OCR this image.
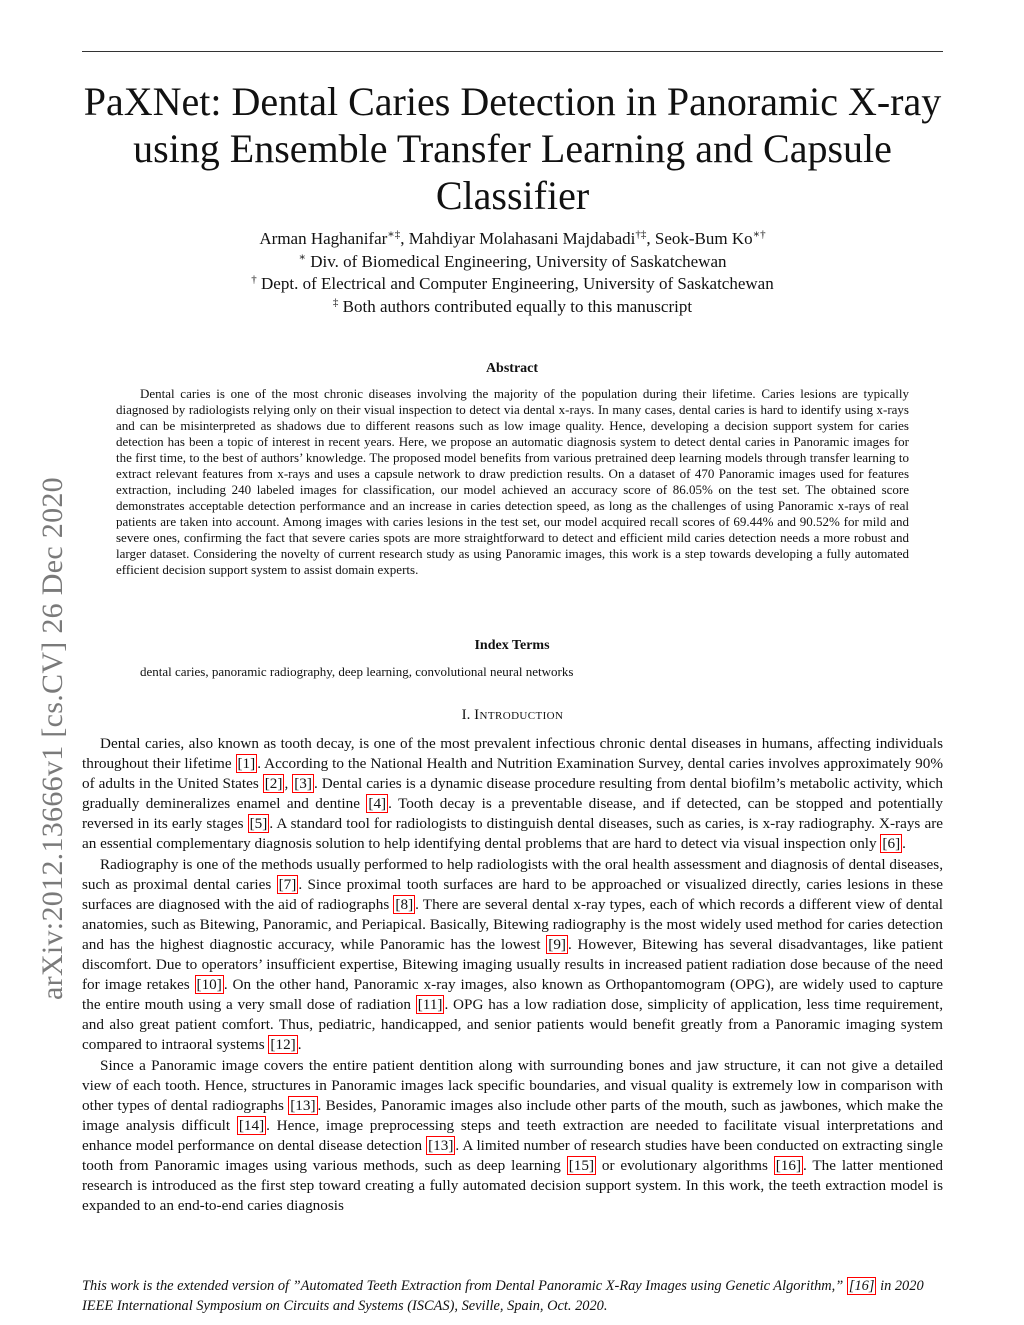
arXiv:2012.13666v1 [cs.CV] 26 Dec 2020
PaXNet: Dental Caries Detection in Panoramic X-ray using Ensemble Transfer Learning and Capsule Classifier
Arman Haghanifar∗‡, Mahdiyar Molahasani Majdabadi†‡, Seok-Bum Ko∗†
∗ Div. of Biomedical Engineering, University of Saskatchewan
† Dept. of Electrical and Computer Engineering, University of Saskatchewan
‡ Both authors contributed equally to this manuscript
Abstract

Dental caries is one of the most chronic diseases involving the majority of the population during their lifetime. Caries lesions are typically diagnosed by radiologists relying only on their visual inspection to detect via dental x-rays. In many cases, dental caries is hard to identify using x-rays and can be misinterpreted as shadows due to different reasons such as low image quality. Hence, developing a decision support system for caries detection has been a topic of interest in recent years. Here, we propose an automatic diagnosis system to detect dental caries in Panoramic images for the first time, to the best of authors’ knowledge. The proposed model benefits from various pretrained deep learning models through transfer learning to extract relevant features from x-rays and uses a capsule network to draw prediction results. On a dataset of 470 Panoramic images used for features extraction, including 240 labeled images for classification, our model achieved an accuracy score of 86.05% on the test set. The obtained score demonstrates acceptable detection performance and an increase in caries detection speed, as long as the challenges of using Panoramic x-rays of real patients are taken into account. Among images with caries lesions in the test set, our model acquired recall scores of 69.44% and 90.52% for mild and severe ones, confirming the fact that severe caries spots are more straightforward to detect and efficient mild caries detection needs a more robust and larger dataset. Considering the novelty of current research study as using Panoramic images, this work is a step towards developing a fully automated efficient decision support system to assist domain experts.

Index Terms
dental caries, panoramic radiography, deep learning, convolutional neural networks
I. Introduction

Dental caries, also known as tooth decay, is one of the most prevalent infectious chronic dental diseases in humans, affecting individuals throughout their lifetime [1] . According to the National Health and Nutrition Examination Survey, dental caries involves approximately 90% of adults in the United States [2] , [3] . Dental caries is a dynamic disease procedure resulting from dental biofilm’s metabolic activity, which gradually demineralizes enamel and dentine [4] . Tooth decay is a preventable disease, and if detected, can be stopped and potentially reversed in its early stages [5] . A standard tool for radiologists to distinguish dental diseases, such as caries, is x-ray radiography. X-rays are an essential complementary diagnosis solution to help identifying dental problems that are hard to detect via visual inspection only [6] .

Radiography is one of the methods usually performed to help radiologists with the oral health assessment and diagnosis of dental diseases, such as proximal dental caries [7] . Since proximal tooth surfaces are hard to be approached or visualized directly, caries lesions in these surfaces are diagnosed with the aid of radiographs [8] . There are several dental x-ray types, each of which records a different view of dental anatomies, such as Bitewing, Panoramic, and Periapical. Basically, Bitewing radiography is the most widely used method for caries detection and has the highest diagnostic accuracy, while Panoramic has the lowest [9] . However, Bitewing has several disadvantages, like patient discomfort. Due to operators’ insufficient expertise, Bitewing imaging usually results in increased patient radiation dose because of the need for image retakes [10] . On the other hand, Panoramic x-ray images, also known as Orthopantomogram (OPG), are widely used to capture the entire mouth using a very small dose of radiation [11] . OPG has a low radiation dose, simplicity of application, less time requirement, and also great patient comfort. Thus, pediatric, handicapped, and senior patients would benefit greatly from a Panoramic imaging system compared to intraoral systems [12] .

Since a Panoramic image covers the entire patient dentition along with surrounding bones and jaw structure, it can not give a detailed view of each tooth. Hence, structures in Panoramic images lack specific boundaries, and visual quality is extremely low in comparison with other types of dental radiographs [13] . Besides, Panoramic images also include other parts of the mouth, such as jawbones, which make the image analysis difficult [14] . Hence, image preprocessing steps and teeth extraction are needed to facilitate visual interpretations and enhance model performance on dental disease detection [13] . A limited number of research studies have been conducted on extracting single tooth from Panoramic images using various methods, such as deep learning [15] or evolutionary algorithms [16] . The latter mentioned research is introduced as the first step toward creating a fully automated decision support system. In this work, the teeth extraction model is expanded to an end-to-end caries diagnosis

This work is the extended version of ”Automated Teeth Extraction from Dental Panoramic X-Ray Images using Genetic Algorithm,” [16] in 2020 IEEE International Symposium on Circuits and Systems (ISCAS), Seville, Spain, Oct. 2020.
